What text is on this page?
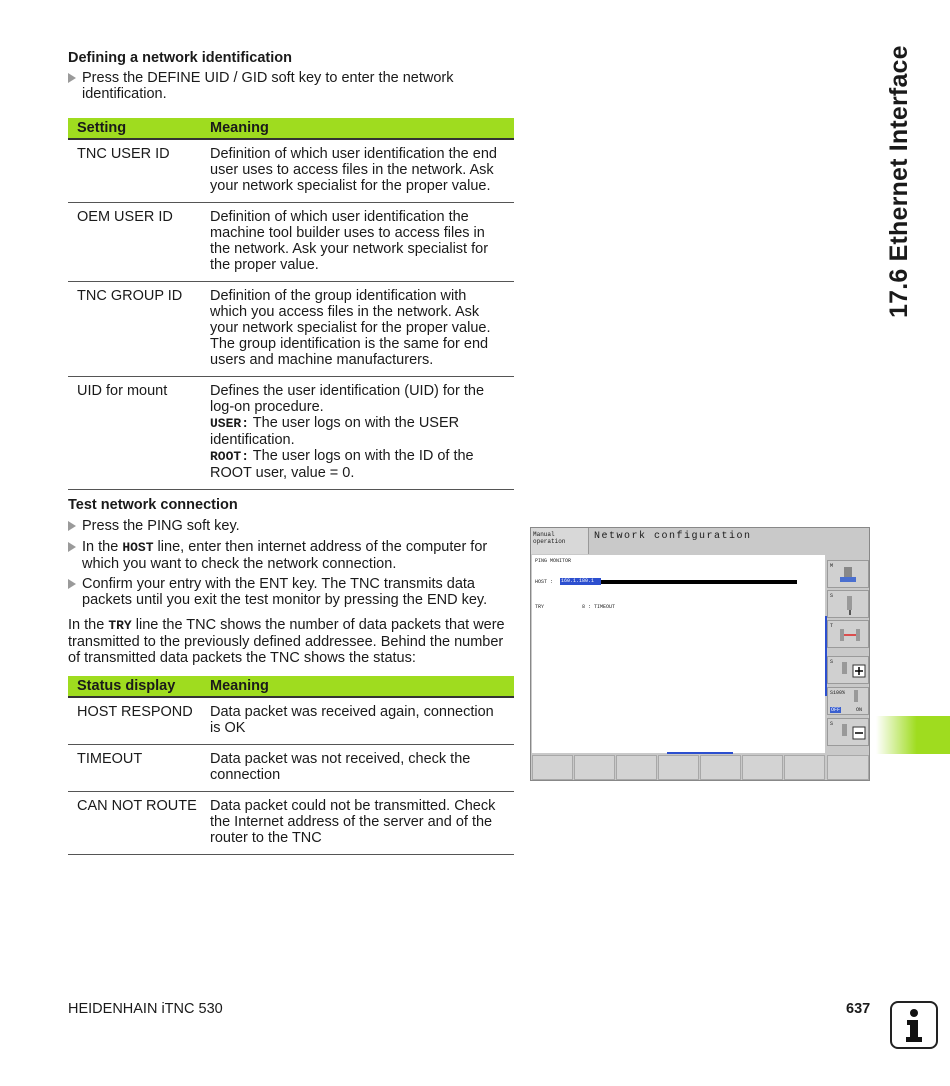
Defining a network identification
Press the DEFINE UID / GID soft key to enter the network identification.
Setting	Meaning
TNC USER ID	Definition of which user identification the end user uses to access files in the network. Ask your network specialist for the proper value.
OEM USER ID	Definition of which user identification the machine tool builder uses to access files in the network. Ask your network specialist for the proper value.
TNC GROUP ID	Definition of the group identification with which you access files in the network. Ask your network specialist for the proper value. The group identification is the same for end users and machine manufacturers.
UID for mount	Defines the user identification (UID) for the log-on procedure.
USER: The user logs on with the USER identification.
ROOT: The user logs on with the ID of the ROOT user, value = 0.
Test network connection
Press the PING soft key.
In the HOST line, enter then internet address of the computer for which you want to check the network connection.
Confirm your entry with the ENT key. The TNC transmits data packets until you exit the test monitor by pressing the END key.
In the TRY line the TNC shows the number of data packets that were transmitted to the previously defined addressee. Behind the number of transmitted data packets the TNC shows the status:
Status display	Meaning
HOST RESPOND	Data packet was received again, connection is OK
TIMEOUT	Data packet was not received, check the connection
CAN NOT ROUTE	Data packet could not be transmitted. Check the Internet address of the server and of the router to the TNC
Manual
operation	Network configuration
PING MONITOR
HOST : 160.1.180.1
TRY	8 : TIMEOUT
M
S
T
S
S100%
OFF	ON
S
17.6 Ethernet Interface
HEIDENHAIN iTNC 530	637
